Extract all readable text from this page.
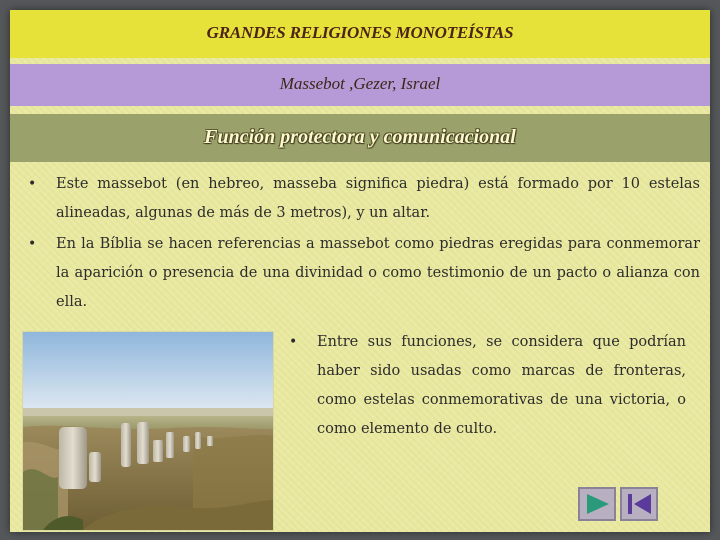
GRANDES RELIGIONES MONOTEÍSTAS
Massebot ,Gezer, Israel
Función protectora y comunicacional
• Este massebot (en hebreo, masseba significa piedra) está formado por 10 estelas alineadas, algunas de más de 3 metros), y un altar.
• En la Bíblia se hacen referencias a massebot como piedras eregidas para conmemorar la aparición o presencia de una divinidad o como testimonio de un pacto o alianza con ella.
• Entre sus funciones, se considera que podrían haber sido usadas como marcas de fronteras, como estelas conmemorativas de una victoria, o como elemento de culto.
